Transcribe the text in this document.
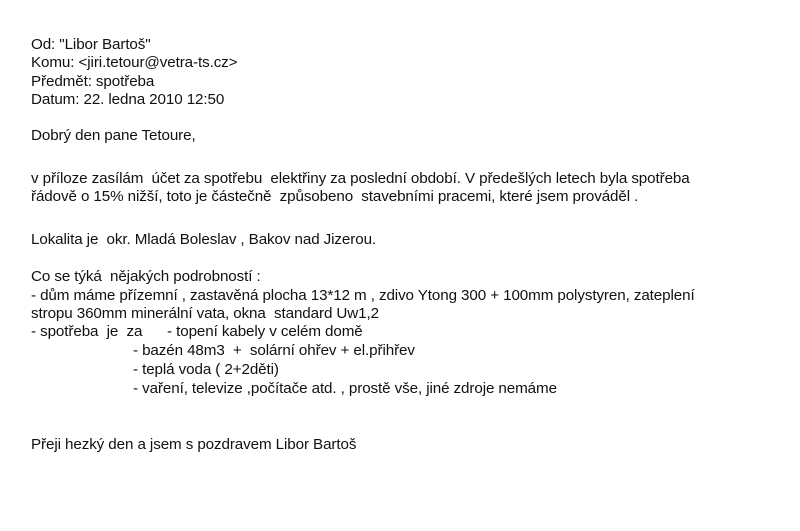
Od: "Libor Bartoš"
Komu: <jiri.tetour@vetra-ts.cz>
Předmět: spotřeba
Datum: 22. ledna 2010 12:50
Dobrý den pane Tetoure,
v příloze zasílám  účet za spotřebu  elektřiny za poslední období. V předešlých letech byla spotřeba
řádově o 15% nižší, toto je částečně  způsobeno  stavebními pracemi, které jsem prováděl .
Lokalita je  okr. Mladá Boleslav , Bakov nad Jizerou.
Co se týká  nějakých podrobností :
- dům máme přízemní , zastavěná plocha 13*12 m , zdivo Ytong 300 + 100mm polystyren, zateplení
stropu 360mm minerální vata, okna  standard Uw1,2
- spotřeba  je  za      - topení kabely v celém domě
- bazén 48m3  +  solární ohřev + el.přihřev
- teplá voda ( 2+2děti)
- vaření, televize ,počítače atd. , prostě vše, jiné zdroje nemáme
Přeji hezký den a jsem s pozdravem Libor Bartoš
